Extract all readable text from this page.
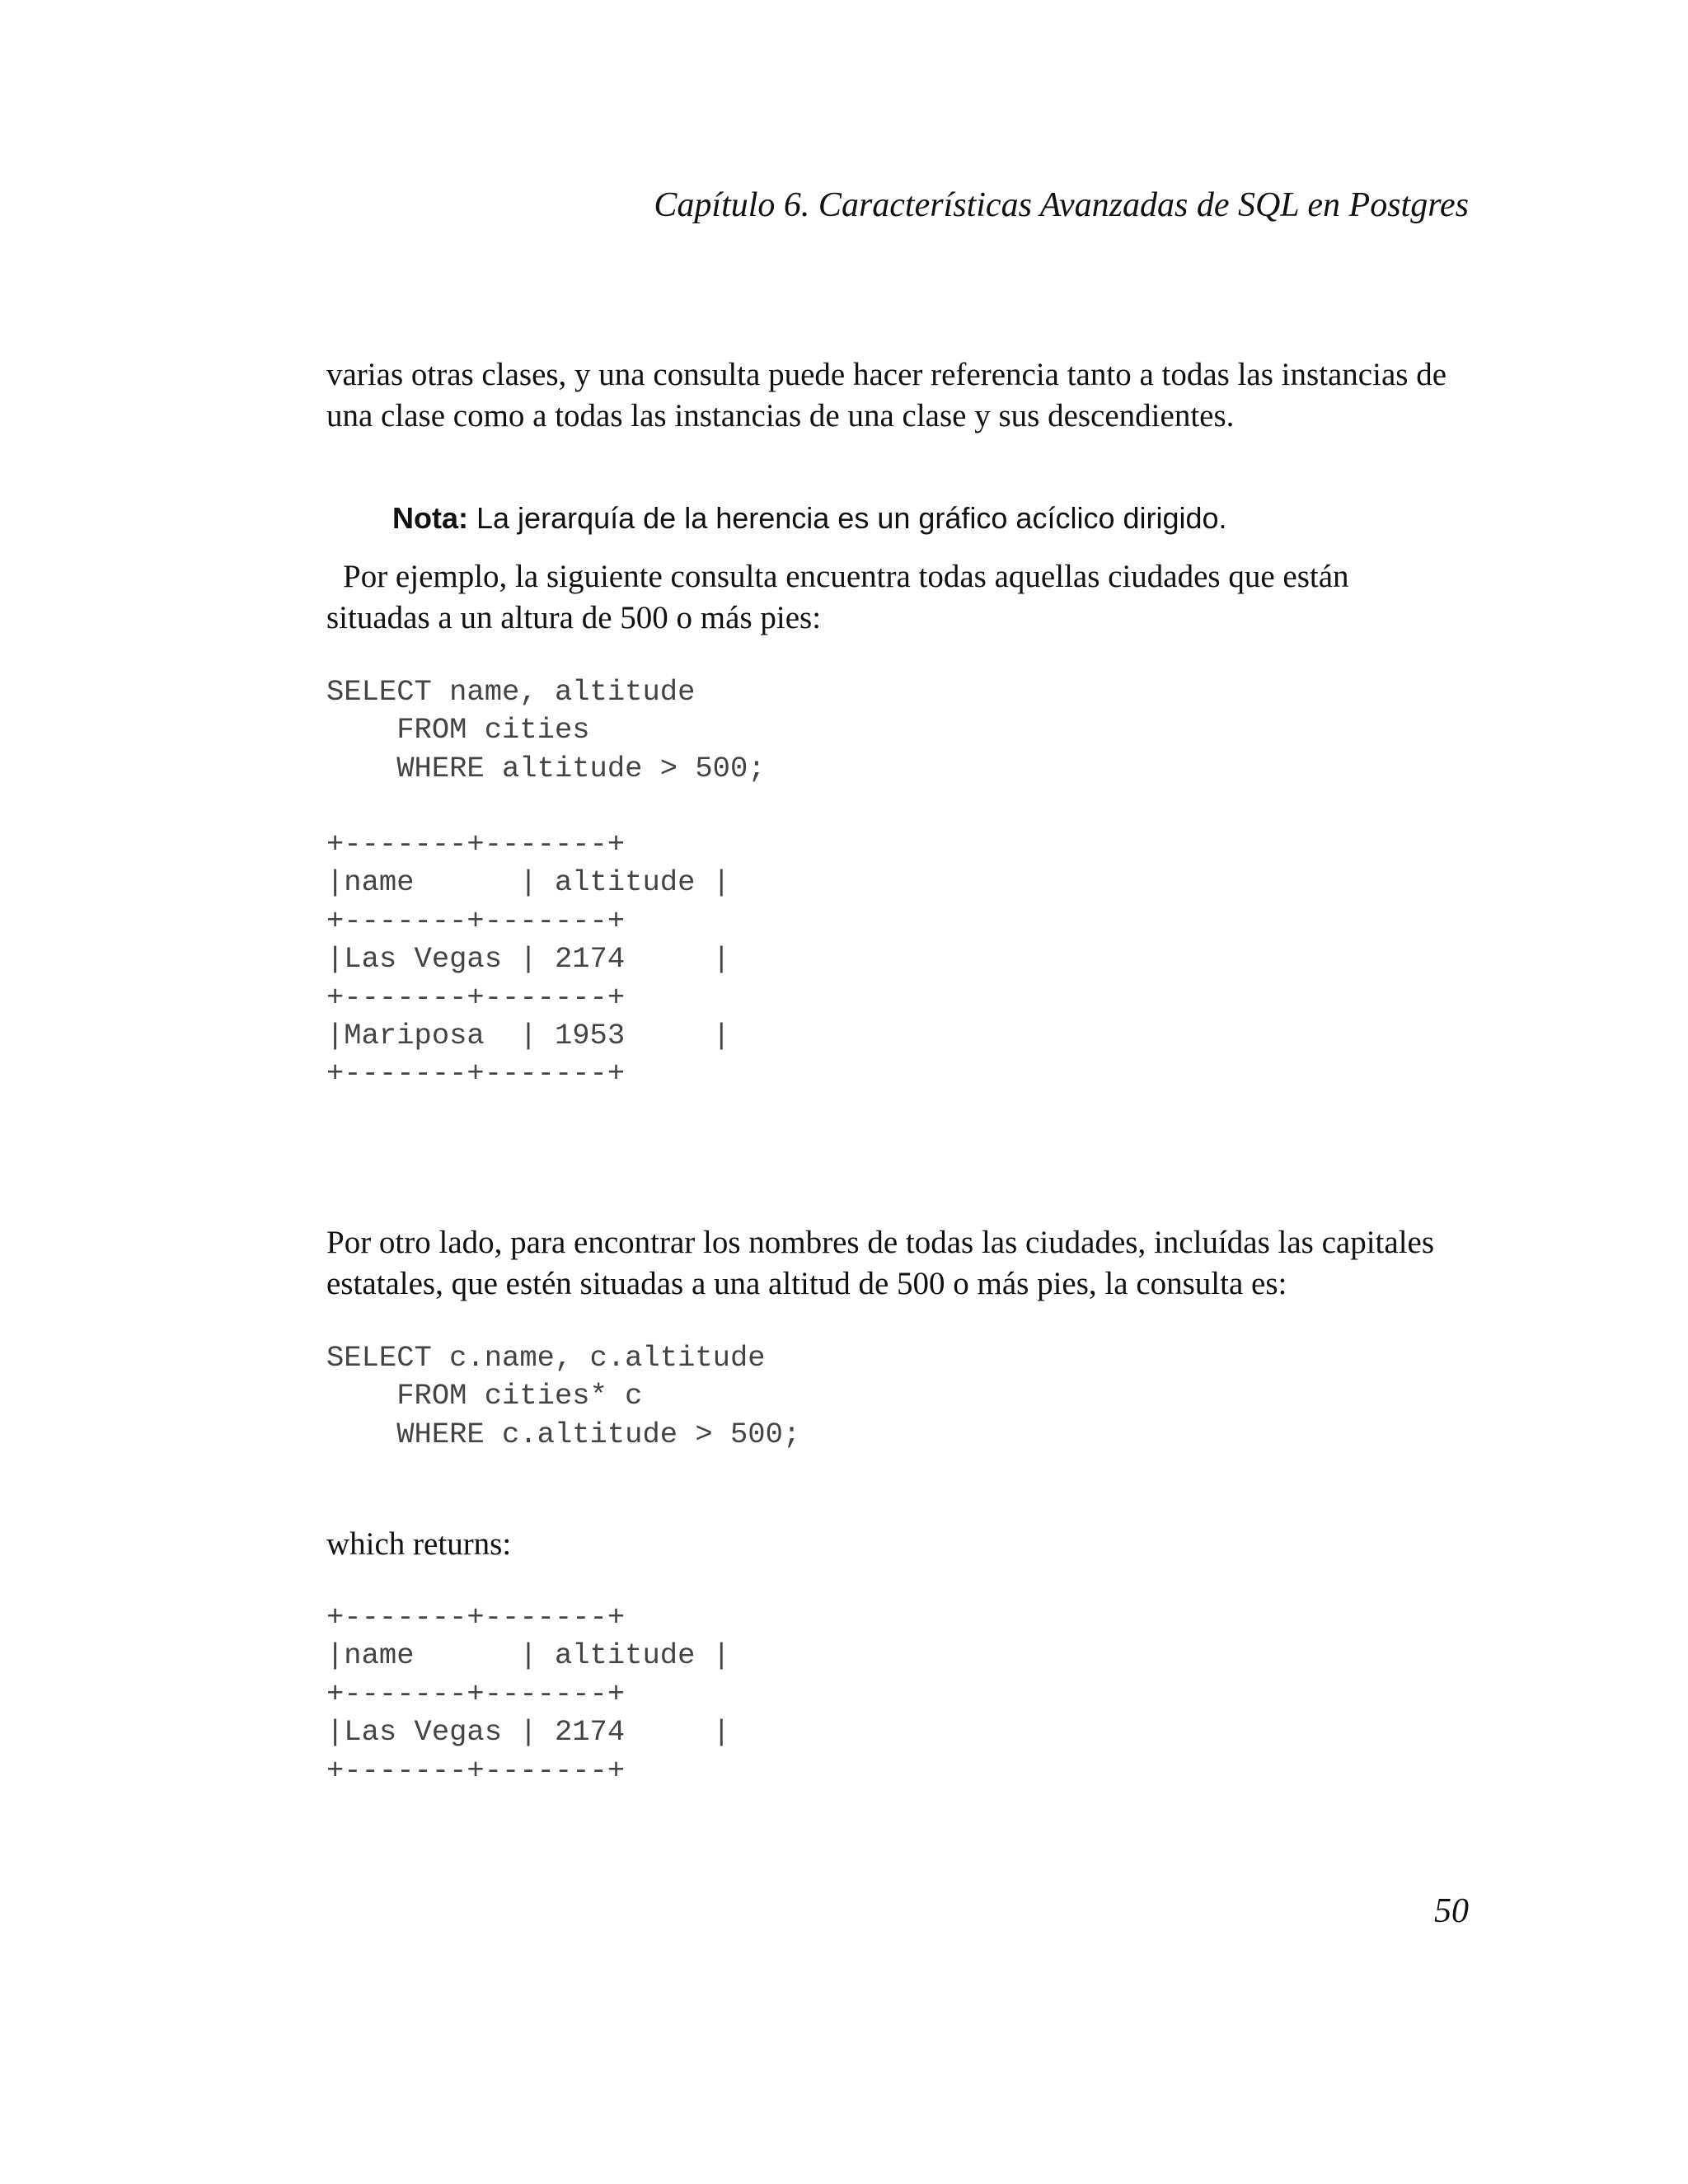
Capítulo 6. Características Avanzadas de SQL en Postgres

varias otras clases, y una consulta puede hacer referencia tanto a todas las instancias de
una clase como a todas las instancias de una clase y sus descendientes.

Nota: La jerarquía de la herencia es un gráfico acíclico dirigido.

Por ejemplo, la siguiente consulta encuentra todas aquellas ciudades que están
situadas a un altura de 500 o más pies:

SELECT name, altitude
FROM cities
WHERE altitude > 500;
+-------+-------+
|name      | altitude |
+-------+-------+
|Las Vegas | 2174     |
+-------+-------+
|Mariposa  | 1953     |
+-------+-------+

Por otro lado, para encontrar los nombres de todas las ciudades, incluídas las capitales
estatales, que estén situadas a una altitud de 500 o más pies, la consulta es:

SELECT c.name, c.altitude
FROM cities* c
WHERE c.altitude > 500;

which returns:

+-------+-------+
|name      | altitude |
+-------+-------+
|Las Vegas | 2174     |
+-------+-------+
50
